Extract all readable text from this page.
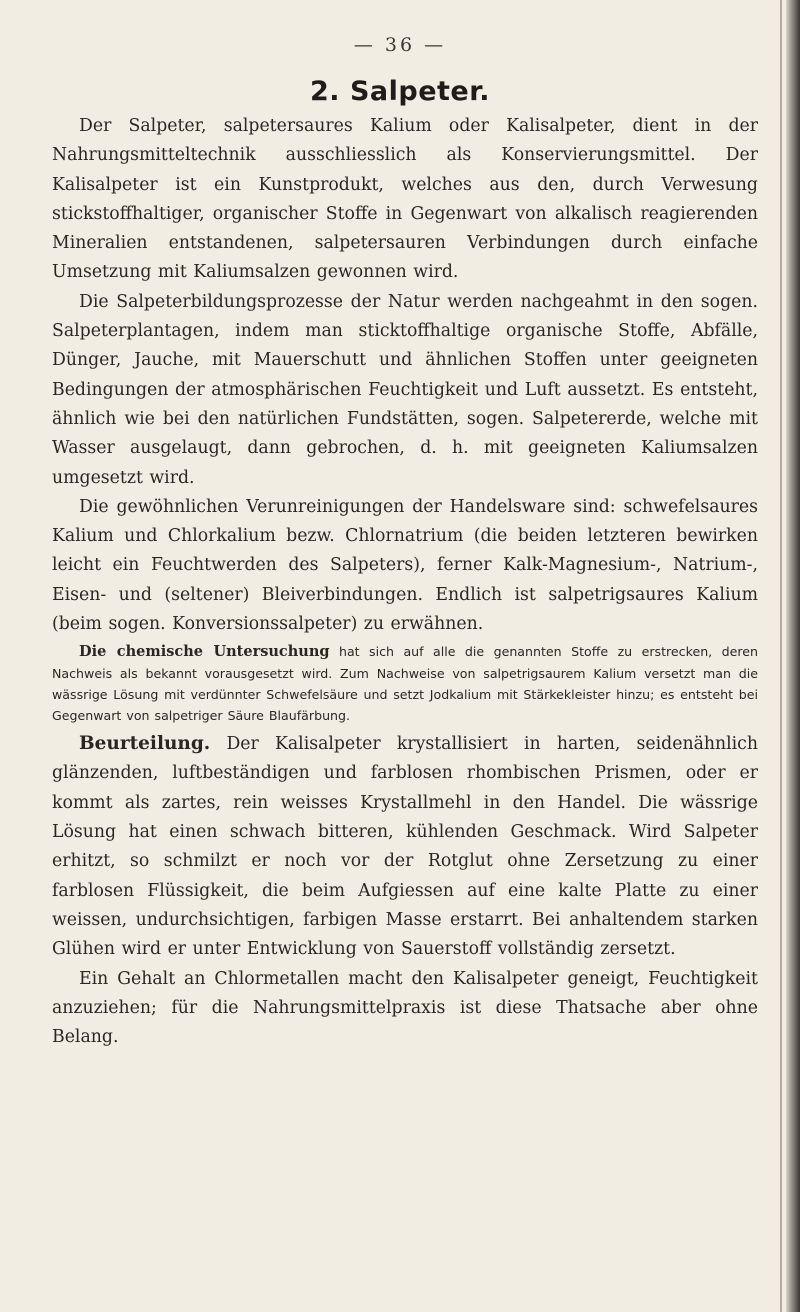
— 36 —
2. Salpeter.

Der Salpeter, salpetersaures Kalium oder Kalisalpeter, dient in der Nahrungsmitteltechnik ausschliesslich als Konservierungsmittel. Der Kalisalpeter ist ein Kunstprodukt, welches aus den, durch Verwesung stickstoffhaltiger, organischer Stoffe in Gegenwart von alkalisch reagierenden Mineralien entstandenen, salpetersauren Verbindungen durch einfache Umsetzung mit Kaliumsalzen gewonnen wird.

Die Salpeterbildungsprozesse der Natur werden nachgeahmt in den sogen. Salpeterplantagen, indem man sticktoffhaltige organische Stoffe, Abfälle, Dünger, Jauche, mit Mauerschutt und ähnlichen Stoffen unter geeigneten Bedingungen der atmosphärischen Feuchtigkeit und Luft aussetzt. Es entsteht, ähnlich wie bei den natürlichen Fundstätten, sogen. Salpetererde, welche mit Wasser ausgelaugt, dann gebrochen, d. h. mit geeigneten Kaliumsalzen umgesetzt wird.

Die gewöhnlichen Verunreinigungen der Handelsware sind: schwefelsaures Kalium und Chlorkalium bezw. Chlornatrium (die beiden letzteren bewirken leicht ein Feuchtwerden des Salpeters), ferner Kalk-Magnesium-, Natrium-, Eisen- und (seltener) Bleiverbindungen. Endlich ist salpetrigsaures Kalium (beim sogen. Konversionssalpeter) zu erwähnen.

Die chemische Untersuchung hat sich auf alle die genannten Stoffe zu erstrecken, deren Nachweis als bekannt vorausgesetzt wird. Zum Nachweise von salpetrigsaurem Kalium versetzt man die wässrige Lösung mit verdünnter Schwefelsäure und setzt Jodkalium mit Stärkekleister hinzu; es entsteht bei Gegenwart von salpetriger Säure Blaufärbung.

Beurteilung. Der Kalisalpeter krystallisiert in harten, seidenähnlich glänzenden, luftbeständigen und farblosen rhombischen Prismen, oder er kommt als zartes, rein weisses Krystallmehl in den Handel. Die wässrige Lösung hat einen schwach bitteren, kühlenden Geschmack. Wird Salpeter erhitzt, so schmilzt er noch vor der Rotglut ohne Zersetzung zu einer farblosen Flüssigkeit, die beim Aufgiessen auf eine kalte Platte zu einer weissen, undurchsichtigen, farbigen Masse erstarrt. Bei anhaltendem starken Glühen wird er unter Entwicklung von Sauerstoff vollständig zersetzt.

Ein Gehalt an Chlormetallen macht den Kalisalpeter geneigt, Feuchtigkeit anzuziehen; für die Nahrungsmittelpraxis ist diese Thatsache aber ohne Belang.
